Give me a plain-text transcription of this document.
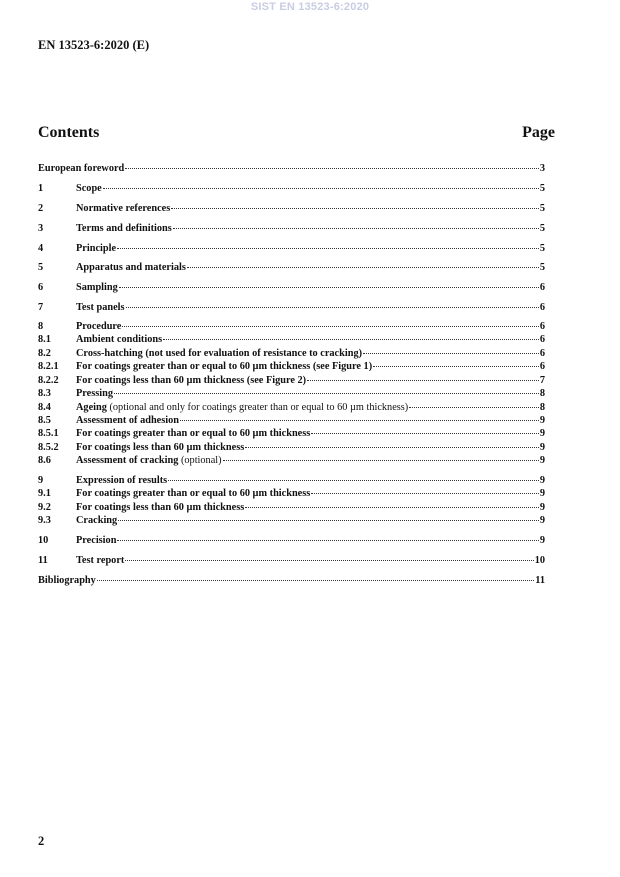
SIST EN 13523-6:2020
EN 13523-6:2020 (E)
Contents	Page
European foreword	3
1	Scope	5
2	Normative references	5
3	Terms and definitions	5
4	Principle	5
5	Apparatus and materials	5
6	Sampling	6
7	Test panels	6
8	Procedure	6
8.1	Ambient conditions	6
8.2	Cross-hatching (not used for evaluation of resistance to cracking)	6
8.2.1	For coatings greater than or equal to 60 µm thickness (see Figure 1)	6
8.2.2	For coatings less than 60 µm thickness (see Figure 2)	7
8.3	Pressing	8
8.4	Ageing (optional and only for coatings greater than or equal to 60 µm thickness)	8
8.5	Assessment of adhesion	9
8.5.1	For coatings greater than or equal to 60 µm thickness	9
8.5.2	For coatings less than 60 µm thickness	9
8.6	Assessment of cracking (optional)	9
9	Expression of results	9
9.1	For coatings greater than or equal to 60 µm thickness	9
9.2	For coatings less than 60 µm thickness	9
9.3	Cracking	9
10	Precision	9
11	Test report	10
Bibliography	11
2
